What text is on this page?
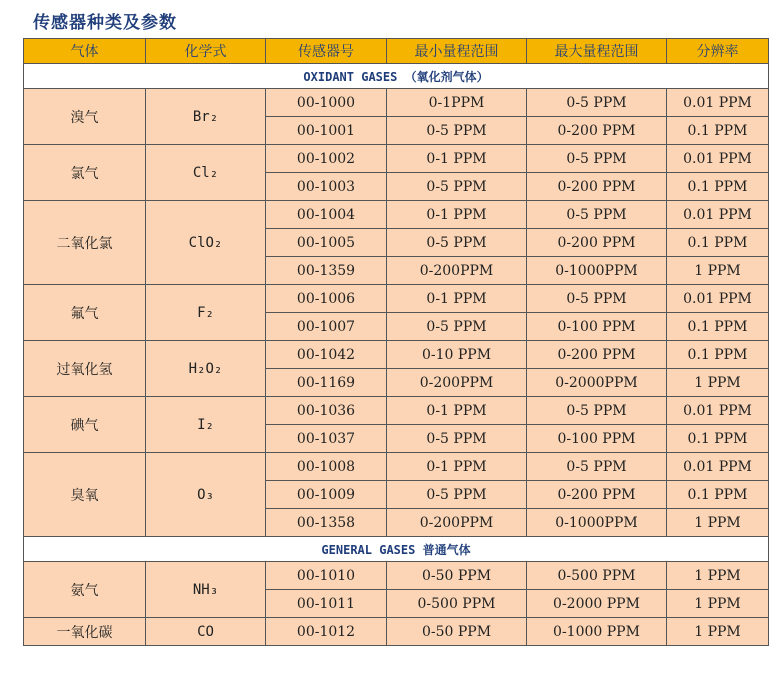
传感器种类及参数
气体	化学式	传感器号	最小量程范围	最大量程范围	分辨率
OXIDANT GASES （氧化剂气体）					
溴气	Br₂	00-1000	0-1PPM	0-5 PPM	0.01 PPM
		00-1001	0-5 PPM	0-200 PPM	0.1 PPM
氯气	Cl₂	00-1002	0-1 PPM	0-5 PPM	0.01 PPM
		00-1003	0-5 PPM	0-200 PPM	0.1 PPM
二氧化氯	ClO₂	00-1004	0-1 PPM	0-5 PPM	0.01 PPM
		00-1005	0-5 PPM	0-200 PPM	0.1 PPM
		00-1359	0-200PPM	0-1000PPM	1 PPM
氟气	F₂	00-1006	0-1 PPM	0-5 PPM	0.01 PPM
		00-1007	0-5 PPM	0-100 PPM	0.1 PPM
过氧化氢	H₂O₂	00-1042	0-10 PPM	0-200 PPM	0.1 PPM
		00-1169	0-200PPM	0-2000PPM	1 PPM
碘气	I₂	00-1036	0-1 PPM	0-5 PPM	0.01 PPM
		00-1037	0-5 PPM	0-100 PPM	0.1 PPM
臭氧	O₃	00-1008	0-1 PPM	0-5 PPM	0.01 PPM
		00-1009	0-5 PPM	0-200 PPM	0.1 PPM
		00-1358	0-200PPM	0-1000PPM	1 PPM
GENERAL GASES 普通气体					
氨气	NH₃	00-1010	0-50 PPM	0-500 PPM	1 PPM
		00-1011	0-500 PPM	0-2000 PPM	1 PPM
一氧化碳	CO	00-1012	0-50 PPM	0-1000 PPM	1 PPM
